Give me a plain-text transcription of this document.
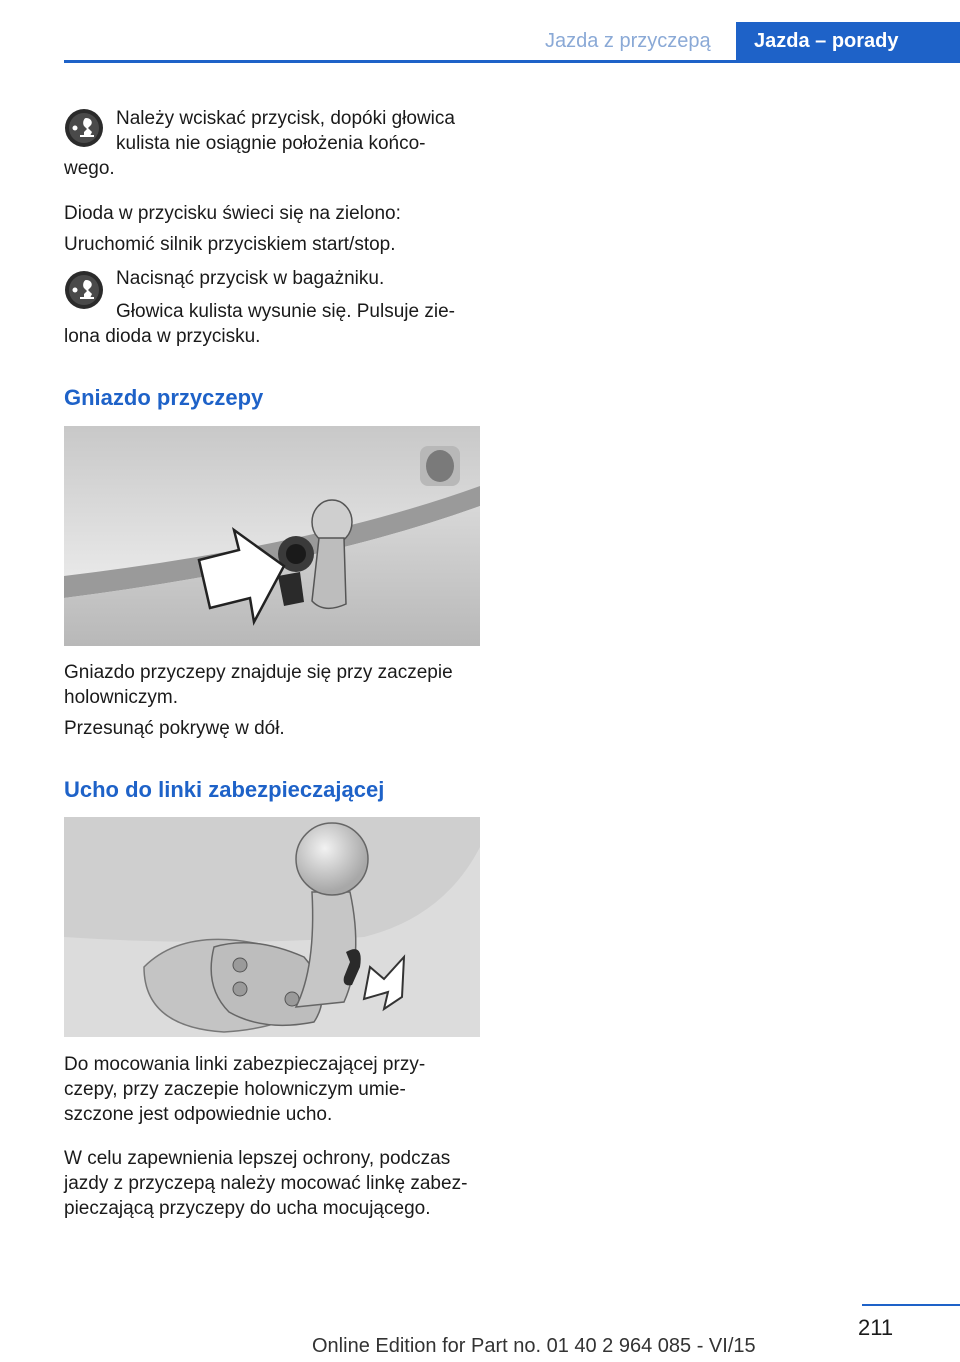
Jazda z przyczepą Jazda – porady

Należy wciskać przycisk, dopóki głowica
kulista nie osiągnie położenia końco-

wego.

Dioda w przycisku świeci się na zielono:

Uruchomić silnik przyciskiem start/stop.

Nacisnąć przycisk w bagażniku.

Głowica kulista wysunie się. Pulsuje zie-

lona dioda w przycisku.

Gniazdo przyczepy

Gniazdo przyczepy znajduje się przy zaczepie
holowniczym.

Przesunąć pokrywę w dół.

Ucho do linki zabezpieczającej

Do mocowania linki zabezpieczającej przy-
czepy, przy zaczepie holowniczym umie-
szczone jest odpowiednie ucho.

W celu zapewnienia lepszej ochrony, podczas
jazdy z przyczepą należy mocować linkę zabez-
pieczającą przyczepy do ucha mocującego.

211
Online Edition for Part no. 01 40 2 964 085 - VI/15
